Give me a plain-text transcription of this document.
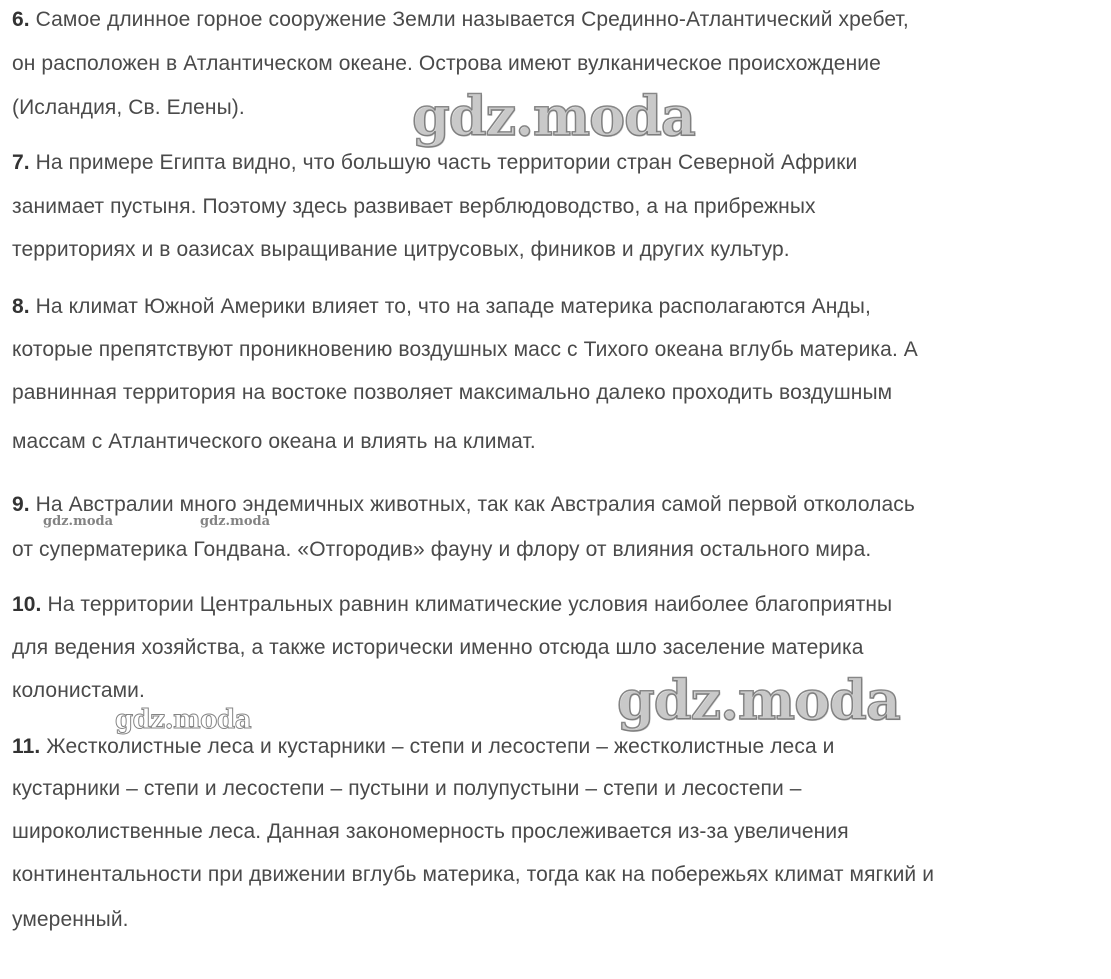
6. Самое длинное горное сооружение Земли называется Срединно-Атлантический хребет,
он расположен в Атлантическом океане. Острова имеют вулканическое происхождение
(Исландия, Св. Елены).
7. На примере Египта видно, что большую часть территории стран Северной Африки
занимает пустыня. Поэтому здесь развивает верблюдоводство, а на прибрежных
территориях и в оазисах выращивание цитрусовых, фиников и других культур.
8. На климат Южной Америки влияет то, что на западе материка располагаются Анды,
которые препятствуют проникновению воздушных масс с Тихого океана вглубь материка. А
равнинная территория на востоке позволяет максимально далеко проходить воздушным
массам с Атлантического океана и влиять на климат.
9. На Австралии много эндемичных животных, так как Австралия самой первой откололась
от суперматерика Гондвана. «Отгородив» фауну и флору от влияния остального мира.
10. На территории Центральных равнин климатические условия наиболее благоприятны
для ведения хозяйства, а также исторически именно отсюда шло заселение материка
колонистами.
11. Жестколистные леса и кустарники – степи и лесостепи – жестколистные леса и
кустарники – степи и лесостепи – пустыни и полупустыни – степи и лесостепи –
широколиственные леса. Данная закономерность прослеживается из-за увеличения
континентальности при движении вглубь материка, тогда как на побережьях климат мягкий и
умеренный.
gdz.moda
gdz.moda
gdz.moda
gdz.moda	gdz.moda
